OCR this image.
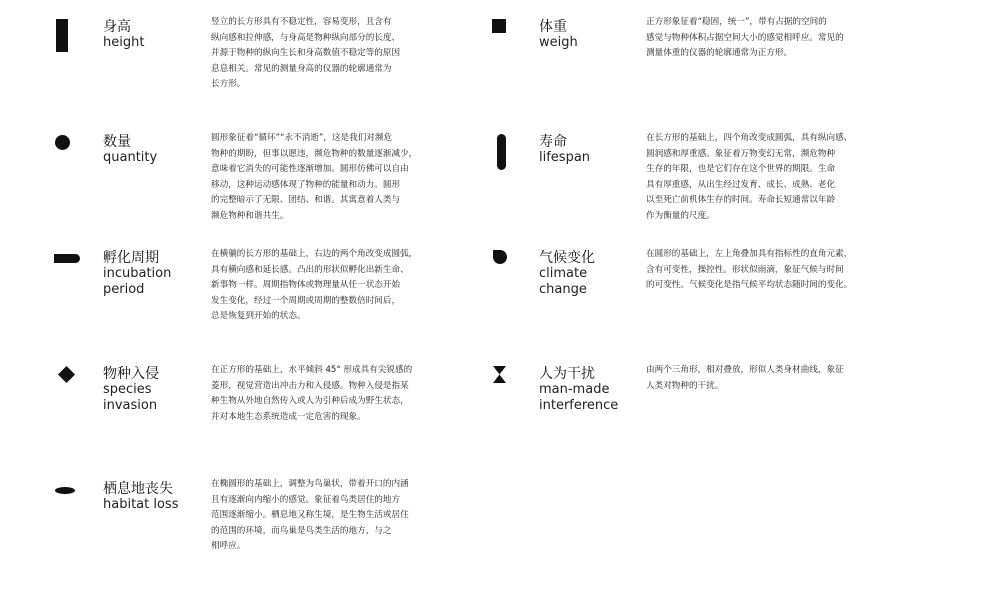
身高
height
竖立的长方形具有不稳定性，容易变形，且含有
纵向感和拉伸感，与身高是物种纵向部分的长度、
并源于物种的纵向生长和身高数值不稳定等的原因
息息相关。常见的测量身高的仪器的轮廓通常为
长方形。
体重
weigh
正方形象征着“稳固，统一”，带有占据的空间的
感觉与物种体积占据空间大小的感觉相呼应。常见的
测量体重的仪器的轮廓通常为正方形。
数量
quantity
圆形象征着“循环”“永不消逝”，这是我们对濒危
物种的期盼，但事以愿违，濒危物种的数量逐渐减少，
意味着它消失的可能性逐渐增加。圆形仿佛可以自由
移动，这种运动感体现了物种的能量和动力。圆形
的完整暗示了无限、团结、和谐。其寓意着人类与
濒危物种和谐共生。
寿命
lifespan
在长方形的基础上，四个角改变成圆弧，具有纵向感、
圆润感和厚重感。象征着万物变幻无常，濒危物种
生存的年限，也是它们存在这个世界的期限。生命
具有厚重感，从出生经过发育、成长、成熟、老化
以至死亡前机体生存的时间。寿命长短通常以年龄
作为衡量的尺度。
孵化周期
incubation
period
在横躺的长方形的基础上，右边的两个角改变成圆弧，
具有横向感和延长感。凸出的形状似孵化出新生命、
新事物一样。周期指物体或物理量从任一状态开始
发生变化，经过一个周期或周期的整数倍时间后，
总是恢复到开始的状态。
气候变化
climate
change
在圆形的基础上，左上角叠加具有指标性的直角元素，
含有可变性，操控性。形状似雨滴，象征气候与时间
的可变性。气候变化是指气候平均状态随时间的变化。
物种入侵
species
invasion
在正方形的基础上，水平倾斜 45° 形成具有尖锐感的
菱形，视觉营造出冲击力和入侵感。物种入侵是指某
种生物从外地自然传入或人为引种后成为野生状态，
并对本地生态系统造成一定危害的现象。
人为干扰
man-made
interference
由两个三角形，相对叠放，形似人类身材曲线，象征
人类对物种的干扰。
栖息地丧失
habitat loss
在椭圆形的基础上，调整为鸟巢状，带着开口的内涵
且有逐渐向内缩小的感觉。象征着鸟类居住的地方
范围逐渐缩小。栖息地又称生境，是生物生活或居住
的范围的环境，而鸟巢是鸟类生活的地方，与之
相呼应。
